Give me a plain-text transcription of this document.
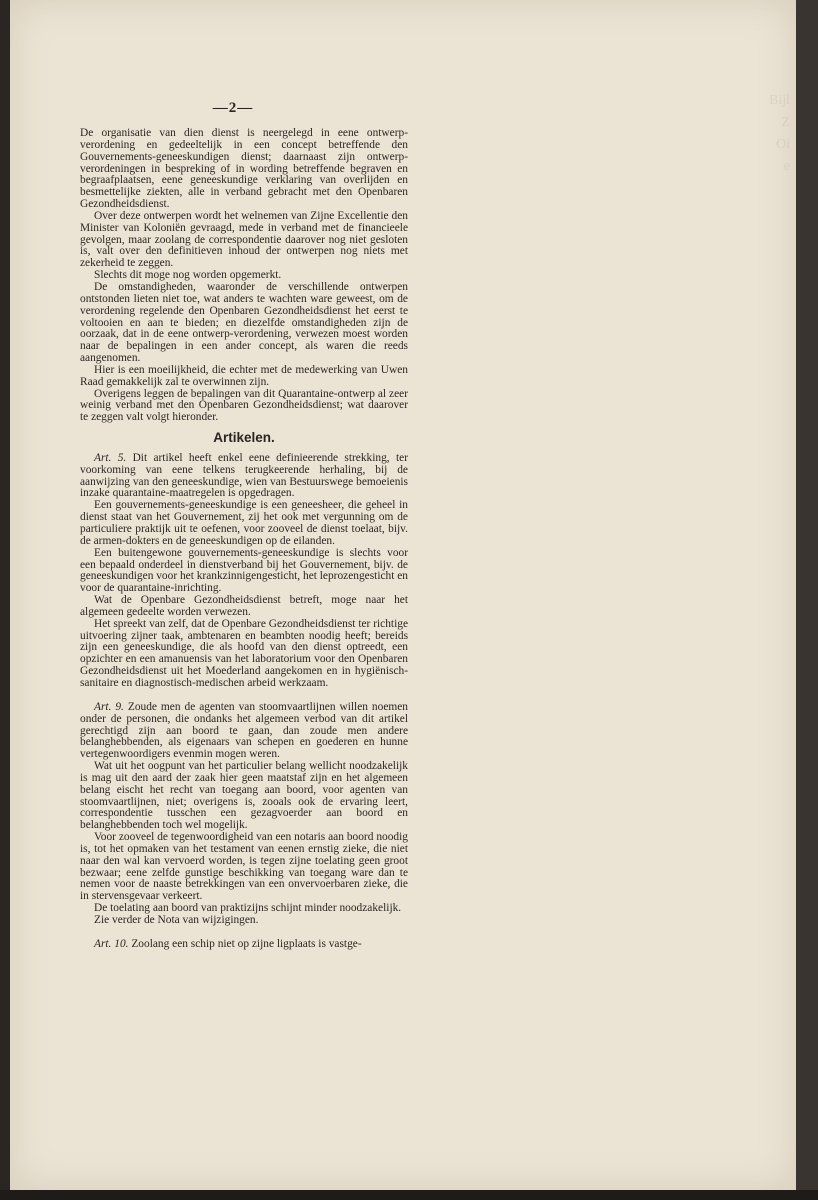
Bijl
Z
Oi
e
—2—

De organisatie van dien dienst is neergelegd in eene ontwerp-verordening en gedeeltelijk in een concept betreffende den Gouvernements-geneeskundigen dienst; daarnaast zijn ontwerp-verordeningen in bespreking of in wording betreffende begraven en begraafplaatsen, eene geneeskundige verklaring van overlijden en besmettelijke ziekten, alle in verband gebracht met den Openbaren Gezondheidsdienst.

Over deze ontwerpen wordt het welnemen van Zijne Excellentie den Minister van Koloniën gevraagd, mede in verband met de financieele gevolgen, maar zoolang de correspondentie daarover nog niet gesloten is, valt over den definitieven inhoud der ontwerpen nog niets met zekerheid te zeggen.

Slechts dit moge nog worden opgemerkt.

De omstandigheden, waaronder de verschillende ontwerpen ontstonden lieten niet toe, wat anders te wachten ware geweest, om de verordening regelende den Openbaren Gezondheidsdienst het eerst te voltooien en aan te bieden; en diezelfde omstandigheden zijn de oorzaak, dat in de eene ontwerp-verordening, verwezen moest worden naar de bepalingen in een ander concept, als waren die reeds aangenomen.

Hier is een moeilijkheid, die echter met de medewerking van Uwen Raad gemakkelijk zal te overwinnen zijn.

Overigens leggen de bepalingen van dit Quarantaine-ontwerp al zeer weinig verband met den Openbaren Gezondheidsdienst; wat daarover te zeggen valt volgt hieronder.

Artikelen.

Art. 5. Dit artikel heeft enkel eene definieerende strekking, ter voorkoming van eene telkens terugkeerende herhaling, bij de aanwijzing van den geneeskundige, wien van Bestuurswege bemoeienis inzake quarantaine-maatregelen is opgedragen.

Een gouvernements-geneeskundige is een geneesheer, die geheel in dienst staat van het Gouvernement, zij het ook met vergunning om de particuliere praktijk uit te oefenen, voor zooveel de dienst toelaat, bijv. de armen-dokters en de geneeskundigen op de eilanden.

Een buitengewone gouvernements-geneeskundige is slechts voor een bepaald onderdeel in dienstverband bij het Gouvernement, bijv. de geneeskundigen voor het krankzinnigengesticht, het leprozengesticht en voor de quarantaine-inrichting.

Wat de Openbare Gezondheidsdienst betreft, moge naar het algemeen gedeelte worden verwezen.

Het spreekt van zelf, dat de Openbare Gezondheidsdienst ter richtige uitvoering zijner taak, ambtenaren en beambten noodig heeft; bereids zijn een geneeskundige, die als hoofd van den dienst optreedt, een opzichter en een amanuensis van het laboratorium voor den Openbaren Gezondheidsdienst uit het Moederland aangekomen en in hygiënisch-sanitaire en diagnostisch-medischen arbeid werkzaam.

Art. 9. Zoude men de agenten van stoomvaartlijnen willen noemen onder de personen, die ondanks het algemeen verbod van dit artikel gerechtigd zijn aan boord te gaan, dan zoude men andere belanghebbenden, als eigenaars van schepen en goederen en hunne vertegenwoordigers evenmin mogen weren.

Wat uit het oogpunt van het particulier belang wellicht noodzakelijk is mag uit den aard der zaak hier geen maatstaf zijn en het algemeen belang eischt het recht van toegang aan boord, voor agenten van stoomvaartlijnen, niet; overigens is, zooals ook de ervaring leert, correspondentie tusschen een gezagvoerder aan boord en belanghebbenden toch wel mogelijk.

Voor zooveel de tegenwoordigheid van een notaris aan boord noodig is, tot het opmaken van het testament van eenen ernstig zieke, die niet naar den wal kan vervoerd worden, is tegen zijne toelating geen groot bezwaar; eene zelfde gunstige beschikking van toegang ware dan te nemen voor de naaste betrekkingen van een onvervoerbaren zieke, die in stervensgevaar verkeert.

De toelating aan boord van praktizijns schijnt minder noodzakelijk.

Zie verder de Nota van wijzigingen.

Art. 10. Zoolang een schip niet op zijne ligplaats is vastge-
